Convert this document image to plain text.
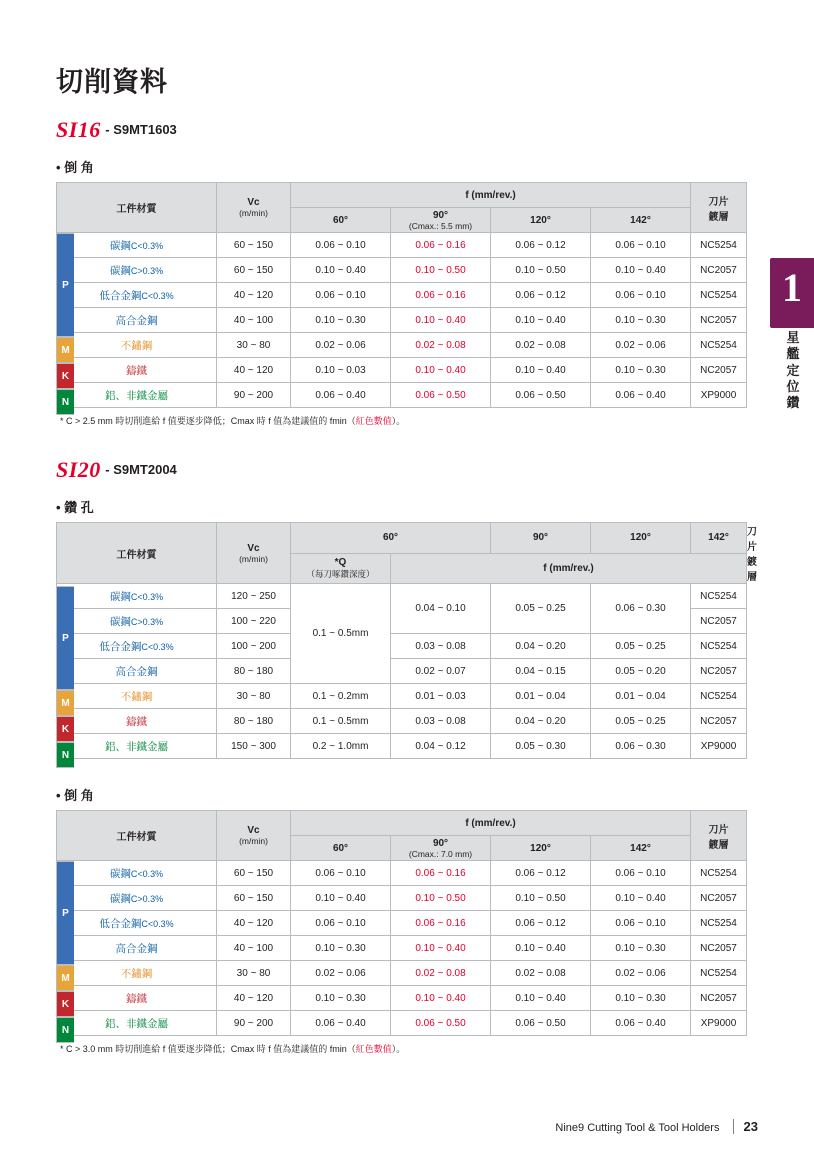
1
星
艦
定
位
鑽
切削資料
SI16 $^{- S9MT1603}$
• 倒 角
工件材質	Vc
(m/min)	f (mm/rev.)				刀片
鍍層
		60°	90°
(Cmax.: 5.5 mm)	120°	142°	
碳鋼C<0.3%	60 ~ 150	0.06 ~ 0.10	0.06 ~ 0.16	0.06 ~ 0.12	0.06 ~ 0.10	NC5254
碳鋼C>0.3%	60 ~ 150	0.10 ~ 0.40	0.10 ~ 0.50	0.10 ~ 0.50	0.10 ~ 0.40	NC2057
低合金鋼C<0.3%	40 ~ 120	0.06 ~ 0.10	0.06 ~ 0.16	0.06 ~ 0.12	0.06 ~ 0.10	NC5254
高合金鋼	40 ~ 100	0.10 ~ 0.30	0.10 ~ 0.40	0.10 ~ 0.40	0.10 ~ 0.30	NC2057
不鏽鋼	30 ~ 80	0.02 ~ 0.06	0.02 ~ 0.08	0.02 ~ 0.08	0.02 ~ 0.06	NC5254
鑄鐵	40 ~ 120	0.10 ~ 0.03	0.10 ~ 0.40	0.10 ~ 0.40	0.10 ~ 0.30	NC2057
鋁、非鐵金屬	90 ~ 200	0.06 ~ 0.40	0.06 ~ 0.50	0.06 ~ 0.50	0.06 ~ 0.40	XP9000
P
M
K
N
* C > 2.5 mm 時切削進給 f 值要逐步降低；Cmax 時 f 值為建議值的 fmin（紅色數值）。
SI20 $^{- S9MT2004}$
• 鑽 孔
工件材質	Vc
(m/min)	60°		90°	120°	142°	刀片
鍍層
		*Q
（每刀啄鑽深度）	f (mm/rev.)				
碳鋼C<0.3%	120 ~ 250	0.1 ~ 0.5mm	0.04 ~ 0.10	0.05 ~ 0.25	0.06 ~ 0.30	NC5254	
碳鋼C>0.3%	100 ~ 220					NC2057	
低合金鋼C<0.3%	100 ~ 200		0.03 ~ 0.08	0.04 ~ 0.20	0.05 ~ 0.25	NC5254	
高合金鋼	80 ~ 180		0.02 ~ 0.07	0.04 ~ 0.15	0.05 ~ 0.20	NC2057	
不鏽鋼	30 ~ 80	0.1 ~ 0.2mm	0.01 ~ 0.03	0.01 ~ 0.04	0.01 ~ 0.04	NC5254	
鑄鐵	80 ~ 180	0.1 ~ 0.5mm	0.03 ~ 0.08	0.04 ~ 0.20	0.05 ~ 0.25	NC2057	
鋁、非鐵金屬	150 ~ 300	0.2 ~ 1.0mm	0.04 ~ 0.12	0.05 ~ 0.30	0.06 ~ 0.30	XP9000	
P
M
K
N
• 倒 角
工件材質	Vc
(m/min)	f (mm/rev.)				刀片
鍍層
		60°	90°
(Cmax.: 7.0 mm)	120°	142°	
碳鋼C<0.3%	60 ~ 150	0.06 ~ 0.10	0.06 ~ 0.16	0.06 ~ 0.12	0.06 ~ 0.10	NC5254
碳鋼C>0.3%	60 ~ 150	0.10 ~ 0.40	0.10 ~ 0.50	0.10 ~ 0.50	0.10 ~ 0.40	NC2057
低合金鋼C<0.3%	40 ~ 120	0.06 ~ 0.10	0.06 ~ 0.16	0.06 ~ 0.12	0.06 ~ 0.10	NC5254
高合金鋼	40 ~ 100	0.10 ~ 0.30	0.10 ~ 0.40	0.10 ~ 0.40	0.10 ~ 0.30	NC2057
不鏽鋼	30 ~ 80	0.02 ~ 0.06	0.02 ~ 0.08	0.02 ~ 0.08	0.02 ~ 0.06	NC5254
鑄鐵	40 ~ 120	0.10 ~ 0.30	0.10 ~ 0.40	0.10 ~ 0.40	0.10 ~ 0.30	NC2057
鋁、非鐵金屬	90 ~ 200	0.06 ~ 0.40	0.06 ~ 0.50	0.06 ~ 0.50	0.06 ~ 0.40	XP9000
P
M
K
N
* C > 3.0 mm 時切削進給 f 值要逐步降低；Cmax 時 f 值為建議值的 fmin（紅色數值）。
Nine9 Cutting Tool & Tool Holders 23
